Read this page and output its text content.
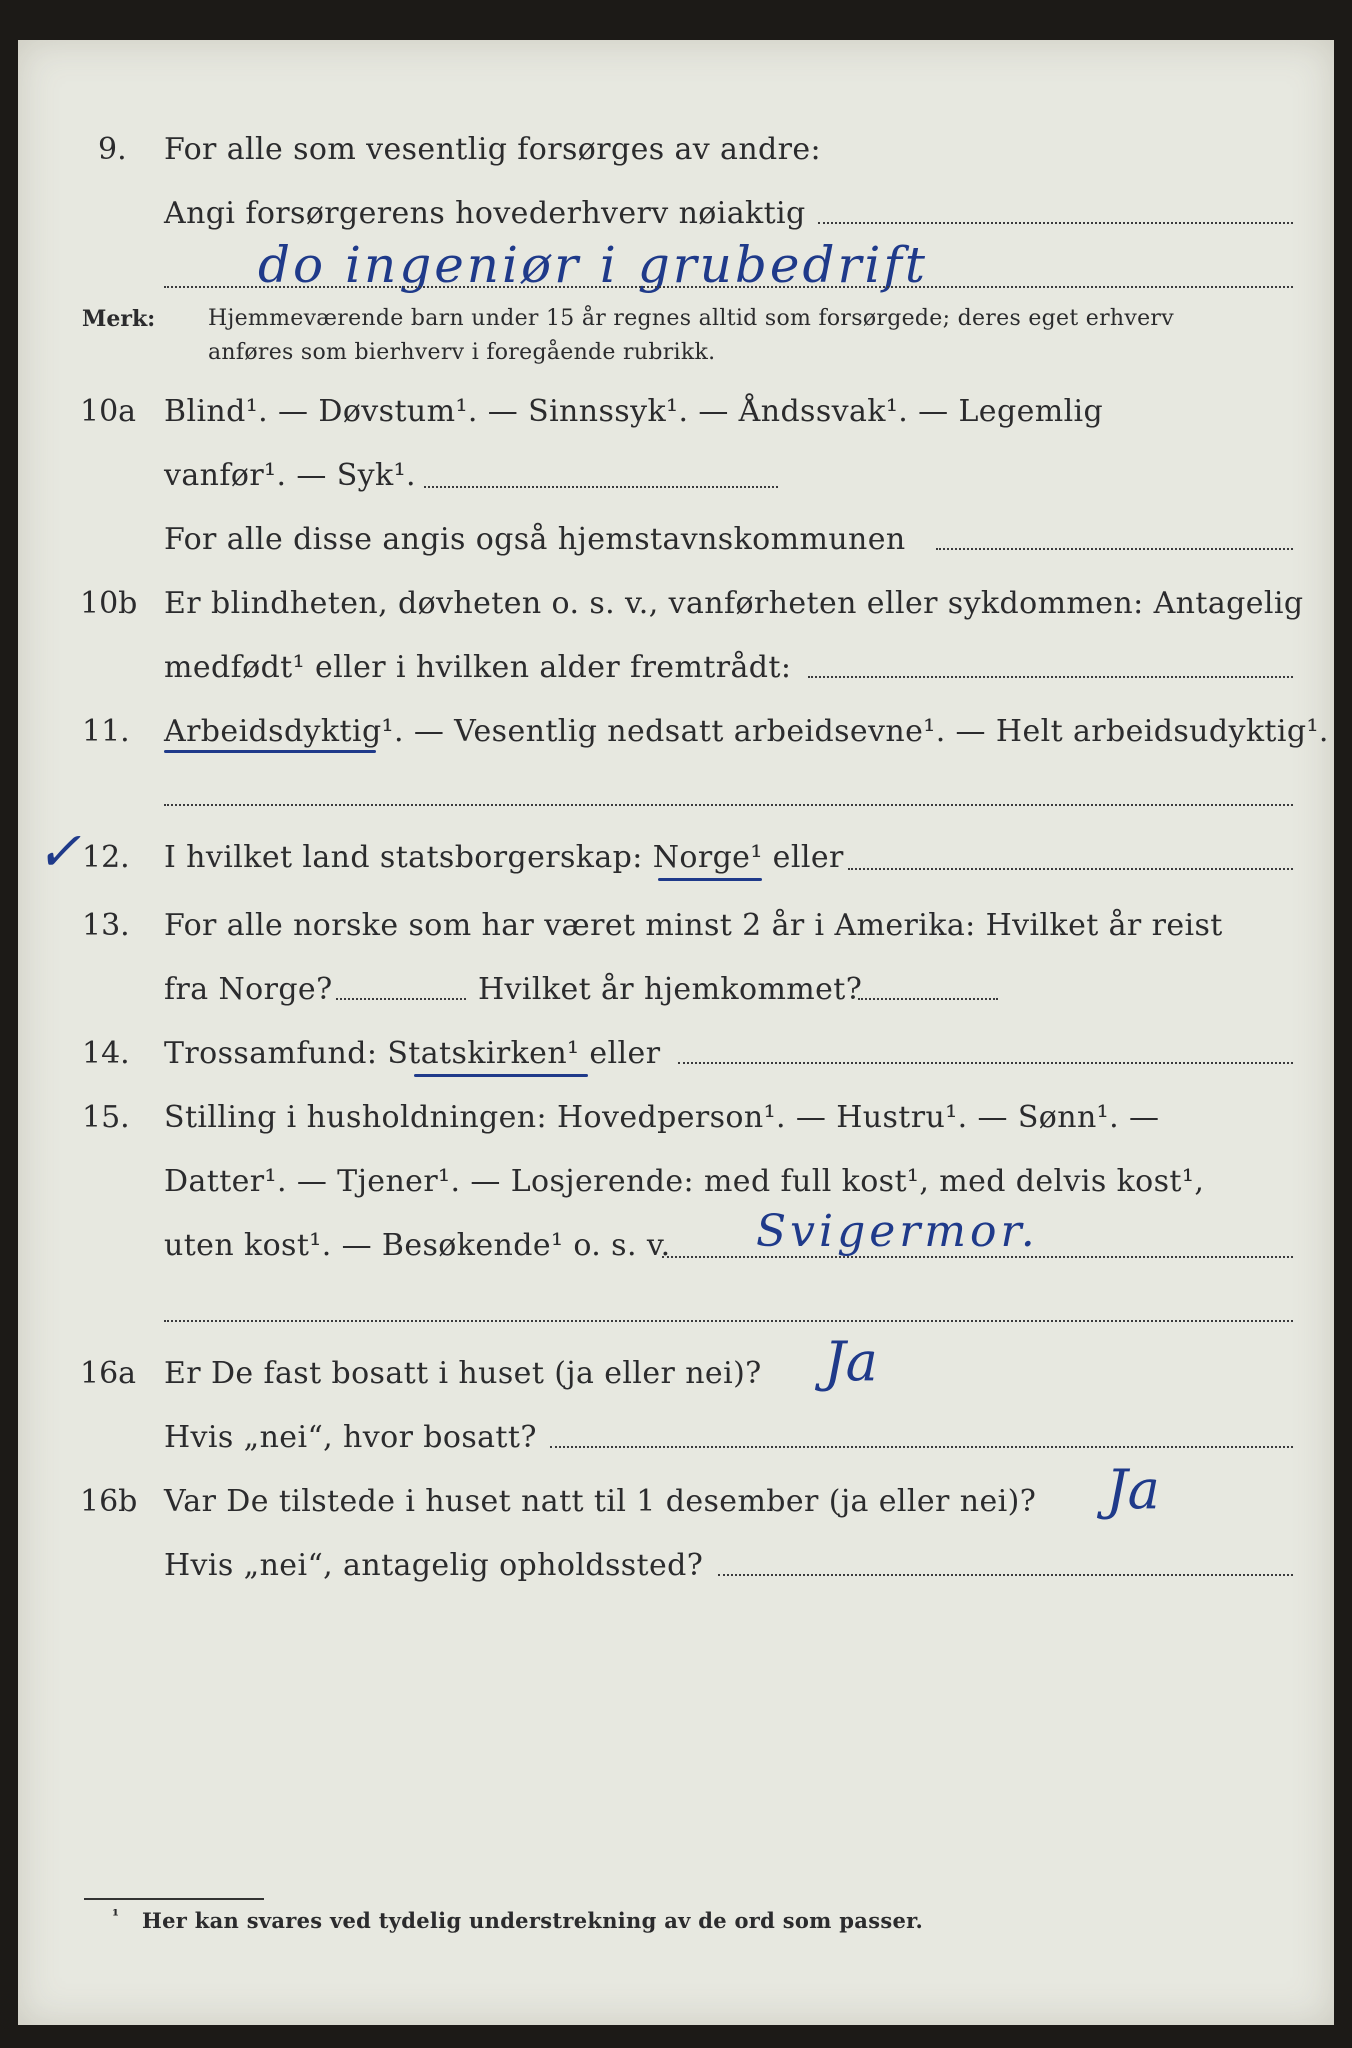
9. For alle som vesentlig forsørges av andre:
Angi forsørgerens hovederhverv nøiaktig
do ingeniør i grubedrift
Merk: Hjemmeværende barn under 15 år regnes alltid som forsørgede; deres eget erhverv
anføres som bierhverv i foregående rubrikk.
10a Blind¹. — Døvstum¹. — Sinnssyk¹. — Åndssvak¹. — Legemlig
vanfør¹. — Syk¹.
For alle disse angis også hjemstavnskommunen
10b Er blindheten, døvheten o. s. v., vanførheten eller sykdommen: Antagelig
medfødt¹ eller i hvilken alder fremtrådt:
11. Arbeidsdyktig¹. — Vesentlig nedsatt arbeidsevne¹. — Helt arbeidsudyktig¹.
✓ 12. I hvilket land statsborgerskap: Norge¹ eller
13. For alle norske som har været minst 2 år i Amerika: Hvilket år reist
fra Norge?	Hvilket år hjemkommet?
14. Trossamfund: Statskirken¹ eller
15. Stilling i husholdningen: Hovedperson¹. — Hustru¹. — Sønn¹. —
Datter¹. — Tjener¹. — Losjerende: med full kost¹, med delvis kost¹,
uten kost¹. — Besøkende¹ o. s. v. Svigermor.
16a Er De fast bosatt i huset (ja eller nei)? Ja
Hvis „nei“, hvor bosatt?
16b Var De tilstede i huset natt til 1 desember (ja eller nei)? Ja
Hvis „nei“, antagelig opholdssted?
¹ Her kan svares ved tydelig understrekning av de ord som passer.
